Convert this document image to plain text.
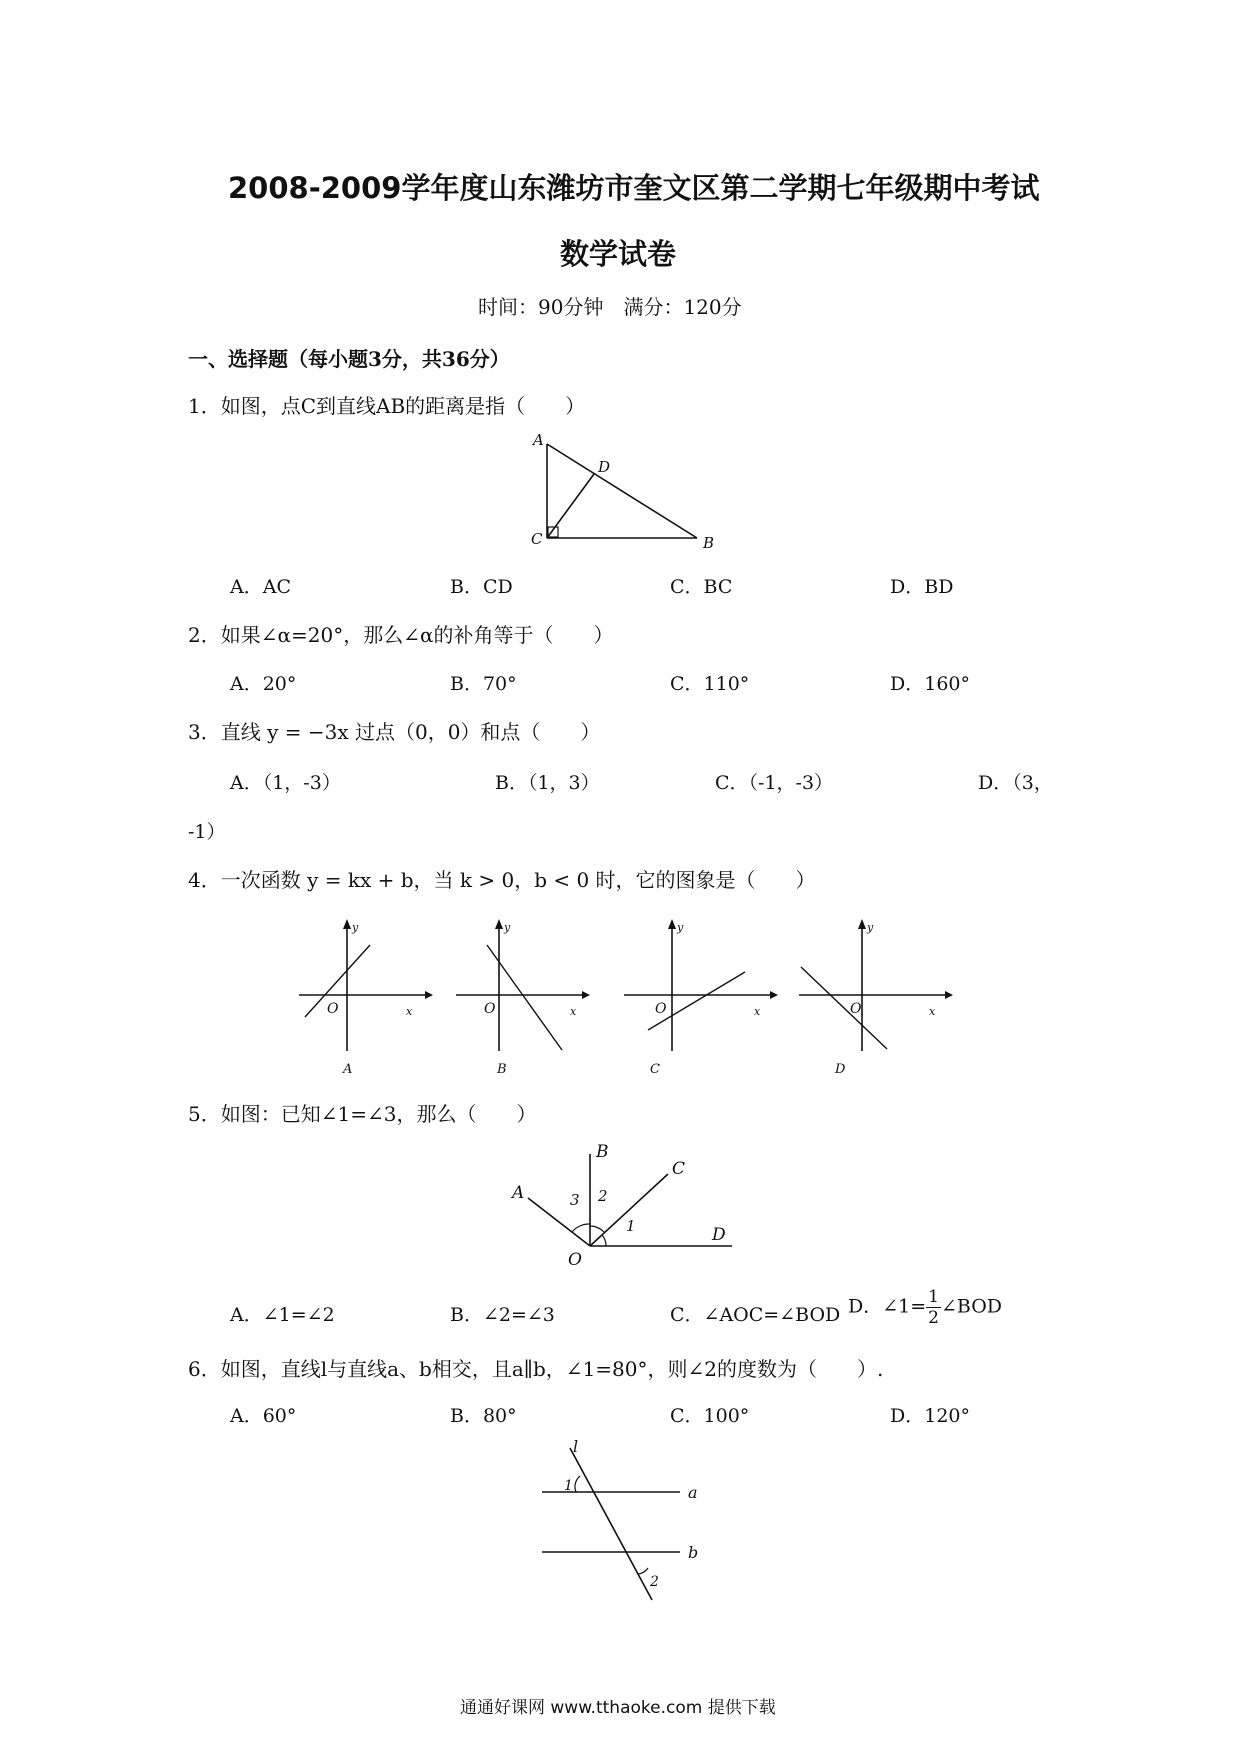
2008-2009学年度山东潍坊市奎文区第二学期七年级期中考试
数学试卷
时间：90分钟　满分：120分
一、选择题（每小题3分，共36分）
1．如图，点C到直线AB的距离是指（　　）
A
D
C	B
A．AC	B．CD	C．BC	D．BD
2．如果∠α=20°，那么∠α的补角等于（　　）
A．20°	B．70°	C．110°	D．160°
3．直线 y = −3x 过点（0，0）和点（　　）
A．（1，-3）	B．（1，3）	C．（-1，-3）	D．（3，
-1）
4．一次函数 y = kx + b，当 k > 0，b < 0 时，它的图象是（　　）
y
x
O
A
y
x
O
B
y
x
O
C
y
x
O
D
5．如图：已知∠1=∠3，那么（　　）
A
B
C
D
O
3 2
1
A．∠1=∠2	B．∠2=∠3	C．∠AOC=∠BOD D．∠1= $\frac{1}{2}$ ∠BOD
6．如图，直线l与直线a、b相交，且a∥b，∠1=80°，则∠2的度数为（　　）.
A．60°	B．80°	C．100°	D．120°
l
a
b
1
2
通通好课网 www.tthaoke.com 提供下载
